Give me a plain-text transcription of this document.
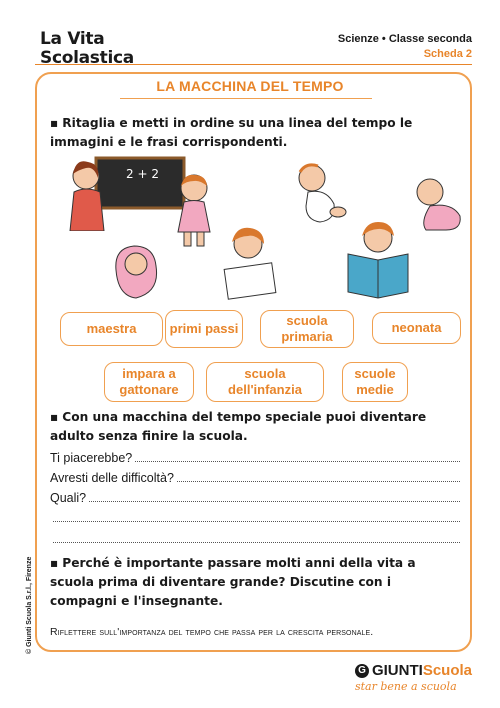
La Vita
Scolastica
Scienze • Classe seconda
Scheda 2
LA MACCHINA DEL TEMPO
▪ Ritaglia e metti in ordine su una linea del tempo le immagini e le frasi corrispondenti.
2 + 2
maestra	primi passi
scuola primaria
neonata
impara a gattonare
scuola dell'infanzia
scuole medie
▪ Con una macchina del tempo speciale puoi diventare adulto senza finire la scuola.
Ti piacerebbe?
Avresti delle difficoltà?
Quali?
▪ Perché è importante passare molti anni della vita a scuola prima di diventare grande? Discutine con i compagni e l'insegnante.
Riflettere sull'importanza del tempo che passa per la crescita personale.
© Giunti Scuola S.r.l., Firenze
G GIUNTI Scuola
star bene a scuola
